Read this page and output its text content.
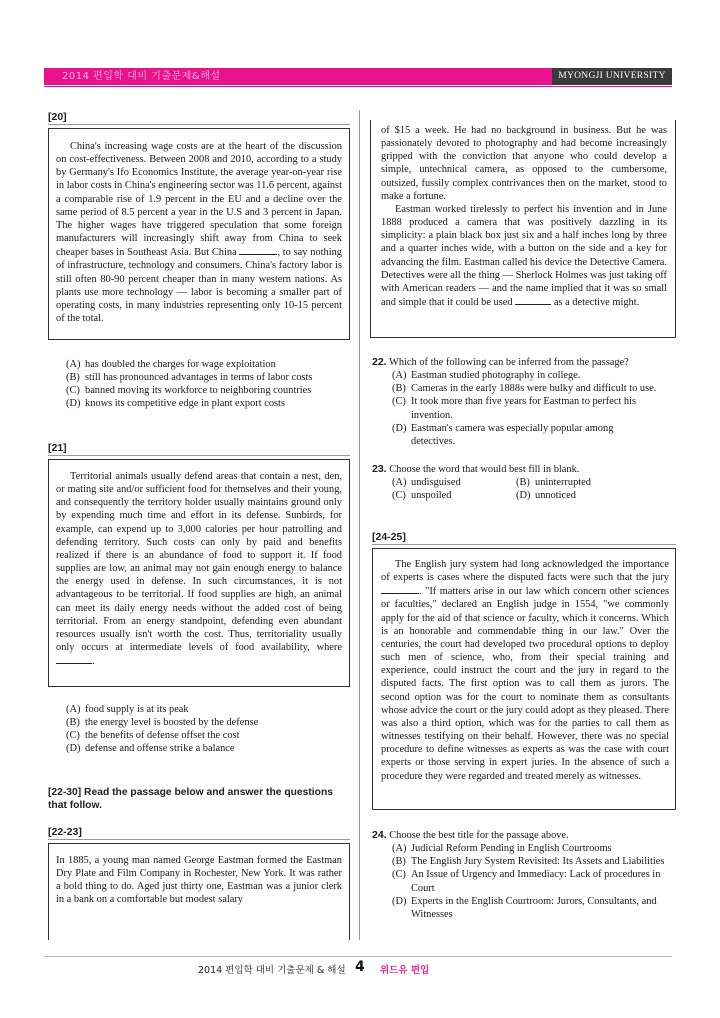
2014 편입학 대비 기출문제&해설	MYONGJI UNIVERSITY
[20]

China's increasing wage costs are at the heart of the discussion on cost-effectiveness. Between 2008 and 2010, according to a study by Germany's Ifo Economics Institute, the average year-on-year rise in labor costs in China's engineering sector was 11.6 percent, against a comparable rise of 1.9 percent in the EU and a decline over the same period of 8.5 percent a year in the U.S and 3 percent in Japan. The higher wages have triggered speculation that some foreign manufacturers will increasingly shift away from China to seek cheaper bases in Southeast Asia. But China	, to say nothing of infrastructure, technology and consumers. China's factory labor is still often 80-90 percent cheaper than in many western nations. As plants use more technology — labor is becoming a smaller part of operating costs, in many industries representing only 10-15 percent of the total.

(A) has doubled the charges for wage exploitation
(B) still has pronounced advantages in terms of labor costs
(C) banned moving its workforce to neighboring countries
(D) knows its competitive edge in plant export costs
[21]

Territorial animals usually defend areas that contain a nest, den, or mating site and/or sufficient food for themselves and their young, and consequently the territory holder usually maintains ground only by expending much time and effort in its defense. Sunbirds, for example, can expend up to 3,000 calories per hour patrolling and defending territory. Such costs can only by paid and benefits realized if there is an abundance of food to support it. If food supplies are low, an animal may not gain enough energy to balance the energy used in defense. In such circumstances, it is not advantageous to be territorial. If food supplies are high, an animal can meet its daily energy needs without the added cost of being territorial. From an energy standpoint, defending even abundant resources usually isn't worth the cost. Thus, territoriality usually only occurs at intermediate levels of food availability, where .

(A) food supply is at its peak
(B) the energy level is boosted by the defense
(C) the benefits of defense offset the cost
(D) defense and offense strike a balance
[22-30] Read the passage below and answer the questions that follow.
[22-23]
In 1885, a young man named George Eastman formed the Eastman Dry Plate and Film Company in Rochester, New York. It was rather a bold thing to do. Aged just thirty one, Eastman was a junior clerk in a bank on a comfortable but modest salary

of $15 a week. He had no background in business. But he was passionately devoted to photography and had become increasingly gripped with the conviction that anyone who could develop a simple, untechnical camera, as opposed to the cumbersome, outsized, fussily complex contrivances then on the market, stood to make a fortune.

Eastman worked tirelessly to perfect his invention and in June 1888 produced a camera that was positively dazzling in its simplicity: a plain black box just six and a half inches long by three and a quarter inches wide, with a button on the side and a key for advancing the film. Eastman called his device the Detective Camera. Detectives were all the thing — Sherlock Holmes was just taking off with American readers — and the name implied that it was so small and simple that it could be used	as a detective might.

22. Which of the following can be inferred from the passage?
(A) Eastman studied photography in college.
(B) Cameras in the early 1888s were bulky and difficult to use.
(C) It took more than five years for Eastman to perfect his invention.
(D) Eastman's camera was especially popular among detectives.
23. Choose the word that would best fill in blank.
(A) undisguised	(B) uninterrupted
(C) unspoiled	(D) unnoticed
[24-25]

The English jury system had long acknowledged the importance of experts is cases where the disputed facts were such that the jury . "If matters arise in our law which concern other sciences or faculties," declared an English judge in 1554, "we commonly apply for the aid of that science or faculty, which it concerns. Which is an honorable and commendable thing in our law." Over the centuries, the court had developed two procedural options to deploy such men of science, who, from their special training and experience, could instruct the court and the jury in regard to the disputed facts. The first option was to call them as jurors. The second option was for the court to nominate them as consultants whose advice the court or the jury could adopt as they pleased. There was also a third option, which was for the parties to call them as witnesses testifying on their behalf. However, there was no special procedure to define witnesses as experts as was the case with court experts or those serving in expert juries. In the absence of such a procedure they were regarded and treated merely as witnesses.

24. Choose the best title for the passage above.
(A) Judicial Reform Pending in English Courtrooms
(B) The English Jury System Revisited: Its Assets and Liabilities
(C) An Issue of Urgency and Immediacy: Lack of procedures in Court
(D) Experts in the English Courtroom: Jurors, Consultants, and Witnesses
2014 편입학 대비 기출문제 & 해설 4 위드유 편입
